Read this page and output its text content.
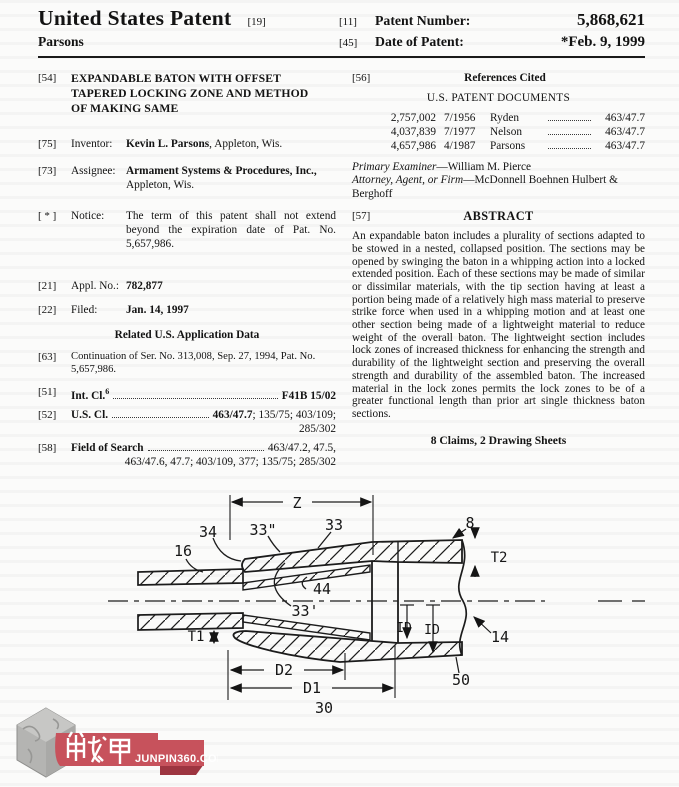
United States Patent [19]	[11]	Patent Number:	5,868,621
Parsons	[45]	Date of Patent:	*Feb. 9, 1999
[54]	EXPANDABLE BATON WITH OFFSET TAPERED LOCKING ZONE AND METHOD OF MAKING SAME
[75]	Inventor:	Kevin L. Parsons, Appleton, Wis.
[73]	Assignee: Armament Systems & Procedures, Inc., Appleton, Wis.
[ * ]	Notice:	The term of this patent shall not extend beyond the expiration date of Pat. No. 5,657,986.
[21]	Appl. No.: 782,877
[22]	Filed:	Jan. 14, 1997
Related U.S. Application Data
[63]	Continuation of Ser. No. 313,008, Sep. 27, 1994, Pat. No. 5,657,986.
[51]	Int. Cl.$^6$	F41B 15/02
[52]	U.S. Cl.	463/47.7; 135/75; 403/109;
285/302
[58]	Field of Search	463/47.2, 47.5,
463/47.6, 47.7; 403/109, 377; 135/75; 285/302
[56]	References Cited
U.S. PATENT DOCUMENTS
2,757,002 7/1956	Ryden	463/47.7
4,037,839 7/1977	Nelson	463/47.7
4,657,986 4/1987	Parsons	463/47.7
Primary Examiner—William M. Pierce
Attorney, Agent, or Firm—McDonnell Boehnen Hulbert & Berghoff
[57]	ABSTRACT
An expandable baton includes a plurality of sections adapted to be stowed in a nested, collapsed position. The sections may be opened by swinging the baton in a whipping action into a locked extended position. Each of these sections may be made of similar or dissimilar materials, with the tip section having at least a portion being made of a relatively high mass material to preserve strike force when used in a whipping motion and at least one other section being made of a lightweight material to reduce weight of the overall baton. The lightweight section includes lock zones of increased thickness for enhancing the strength and durability of the lightweight section and preserving the overall strength and durability of the assembled baton. The increased material in the lock zones permits the lock zones to be of a greater functional length than prior art single thickness baton sections.
8 Claims, 2 Drawing Sheets
Z
34 33"	33
16
8
T2
44
33'
T1
ID ID	14
D2
D1
30
50
JUNPIN360.COM
